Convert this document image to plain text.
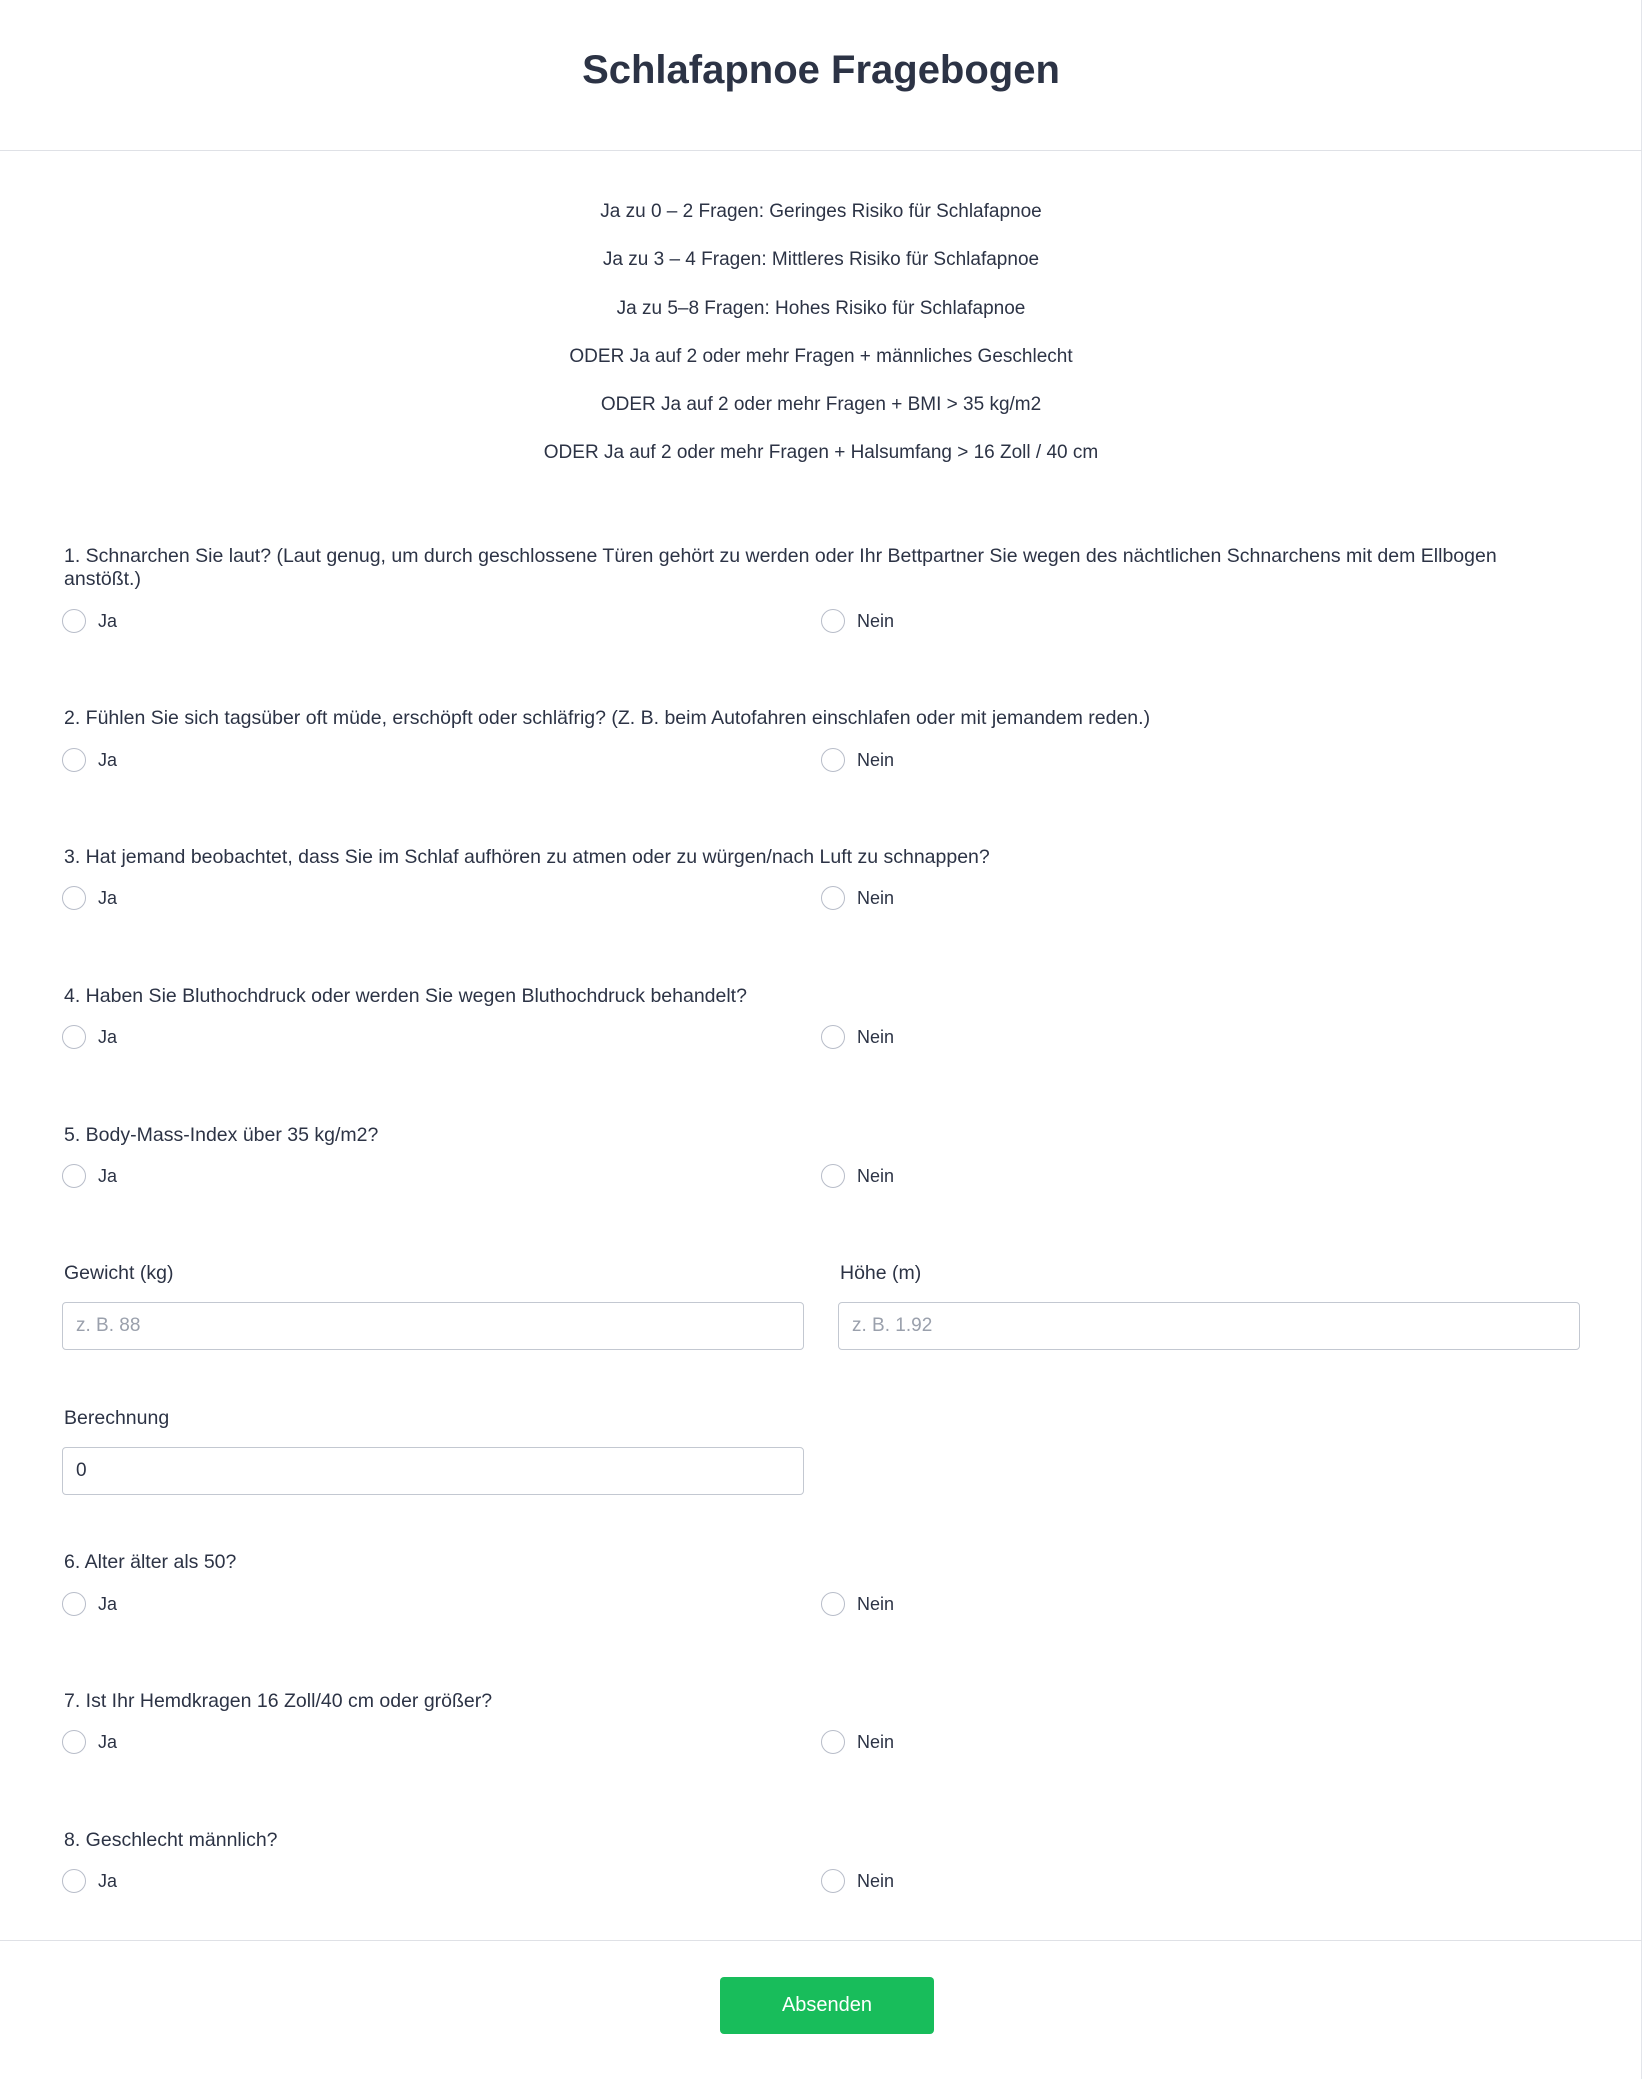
Schlafapnoe Fragebogen

Ja zu 0 – 2 Fragen: Geringes Risiko für Schlafapnoe

Ja zu 3 – 4 Fragen: Mittleres Risiko für Schlafapnoe

Ja zu 5–8 Fragen: Hohes Risiko für Schlafapnoe

ODER Ja auf 2 oder mehr Fragen + männliches Geschlecht

ODER Ja auf 2 oder mehr Fragen + BMI > 35 kg/m2

ODER Ja auf 2 oder mehr Fragen + Halsumfang > 16 Zoll / 40 cm

1. Schnarchen Sie laut? (Laut genug, um durch geschlossene Türen gehört zu werden oder Ihr Bettpartner Sie wegen des nächtlichen Schnarchens mit dem Ellbogen anstößt.)
Ja	Nein
2. Fühlen Sie sich tagsüber oft müde, erschöpft oder schläfrig? (Z. B. beim Autofahren einschlafen oder mit jemandem reden.)
Ja	Nein
3. Hat jemand beobachtet, dass Sie im Schlaf aufhören zu atmen oder zu würgen/nach Luft zu schnappen?
Ja	Nein
4. Haben Sie Bluthochdruck oder werden Sie wegen Bluthochdruck behandelt?
Ja	Nein
5. Body-Mass-Index über 35 kg/m2?
Ja	Nein
Gewicht (kg)
z. B. 88	Höhe (m)
z. B. 1.92
Berechnung
0
6. Alter älter als 50?
Ja	Nein
7. Ist Ihr Hemdkragen 16 Zoll/40 cm oder größer?
Ja	Nein
8. Geschlecht männlich?
Ja	Nein
Absenden
